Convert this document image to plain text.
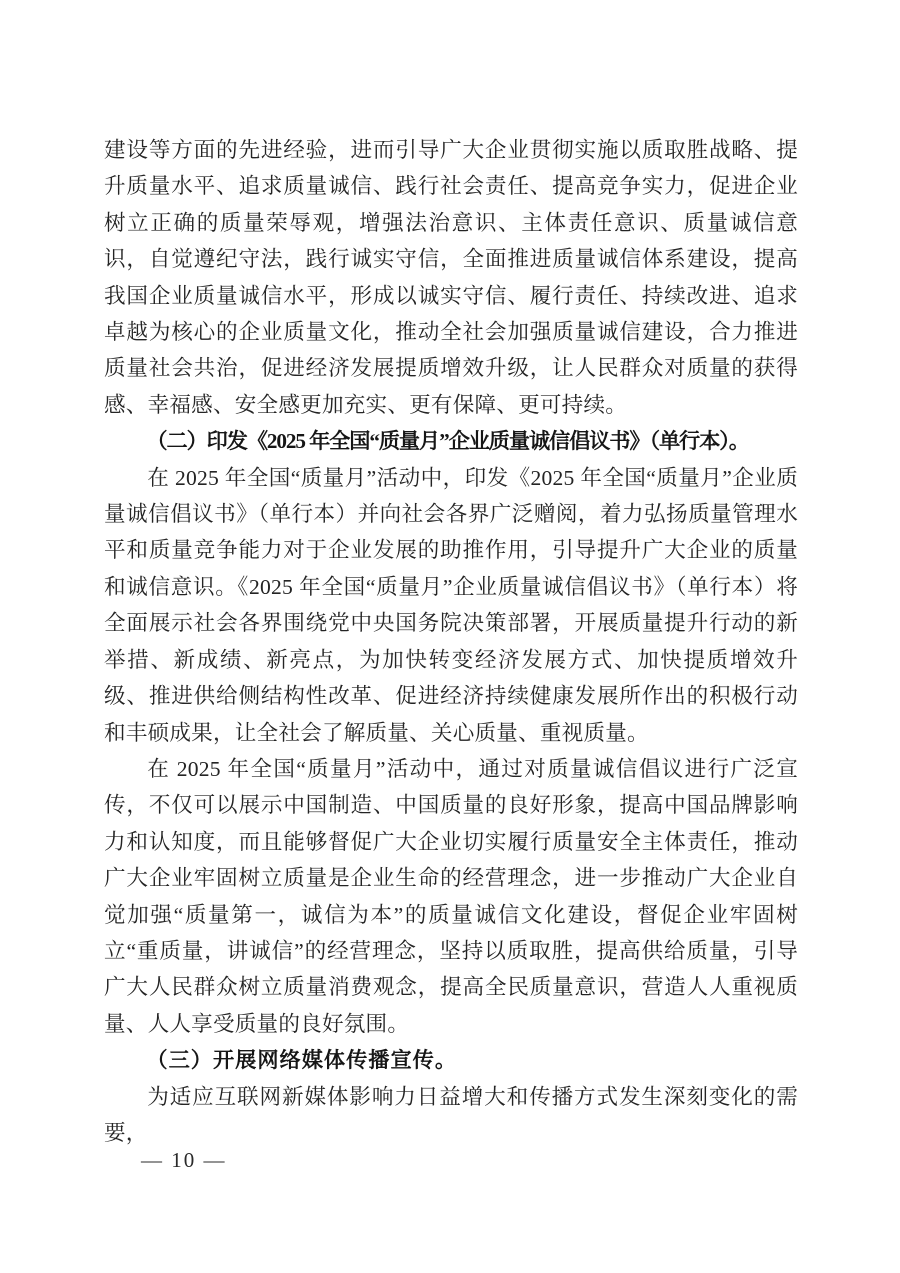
建设等方面的先进经验，进而引导广大企业贯彻实施以质取胜战略、提升质量水平、追求质量诚信、践行社会责任、提高竞争实力，促进企业树立正确的质量荣辱观，增强法治意识、主体责任意识、质量诚信意识，自觉遵纪守法，践行诚实守信，全面推进质量诚信体系建设，提高我国企业质量诚信水平，形成以诚实守信、履行责任、持续改进、追求卓越为核心的企业质量文化，推动全社会加强质量诚信建设，合力推进质量社会共治，促进经济发展提质增效升级，让人民群众对质量的获得感、幸福感、安全感更加充实、更有保障、更可持续。

（二）印发《2025 年全国“质量月”企业质量诚信倡议书》（单行本）。

在 2025 年全国“质量月”活动中，印发《2025 年全国“质量月”企业质量诚信倡议书》（单行本）并向社会各界广泛赠阅，着力弘扬质量管理水平和质量竞争能力对于企业发展的助推作用，引导提升广大企业的质量和诚信意识。《2025 年全国“质量月”企业质量诚信倡议书》（单行本）将全面展示社会各界围绕党中央国务院决策部署，开展质量提升行动的新举措、新成绩、新亮点，为加快转变经济发展方式、加快提质增效升级、推进供给侧结构性改革、促进经济持续健康发展所作出的积极行动和丰硕成果，让全社会了解质量、关心质量、重视质量。

在 2025 年全国“质量月”活动中，通过对质量诚信倡议进行广泛宣传，不仅可以展示中国制造、中国质量的良好形象，提高中国品牌影响力和认知度，而且能够督促广大企业切实履行质量安全主体责任，推动广大企业牢固树立质量是企业生命的经营理念，进一步推动广大企业自觉加强“质量第一，诚信为本”的质量诚信文化建设，督促企业牢固树立“重质量，讲诚信”的经营理念，坚持以质取胜，提高供给质量，引导广大人民群众树立质量消费观念，提高全民质量意识，营造人人重视质量、人人享受质量的良好氛围。

（三）开展网络媒体传播宣传。

为适应互联网新媒体影响力日益增大和传播方式发生深刻变化的需要，

— 10 —
